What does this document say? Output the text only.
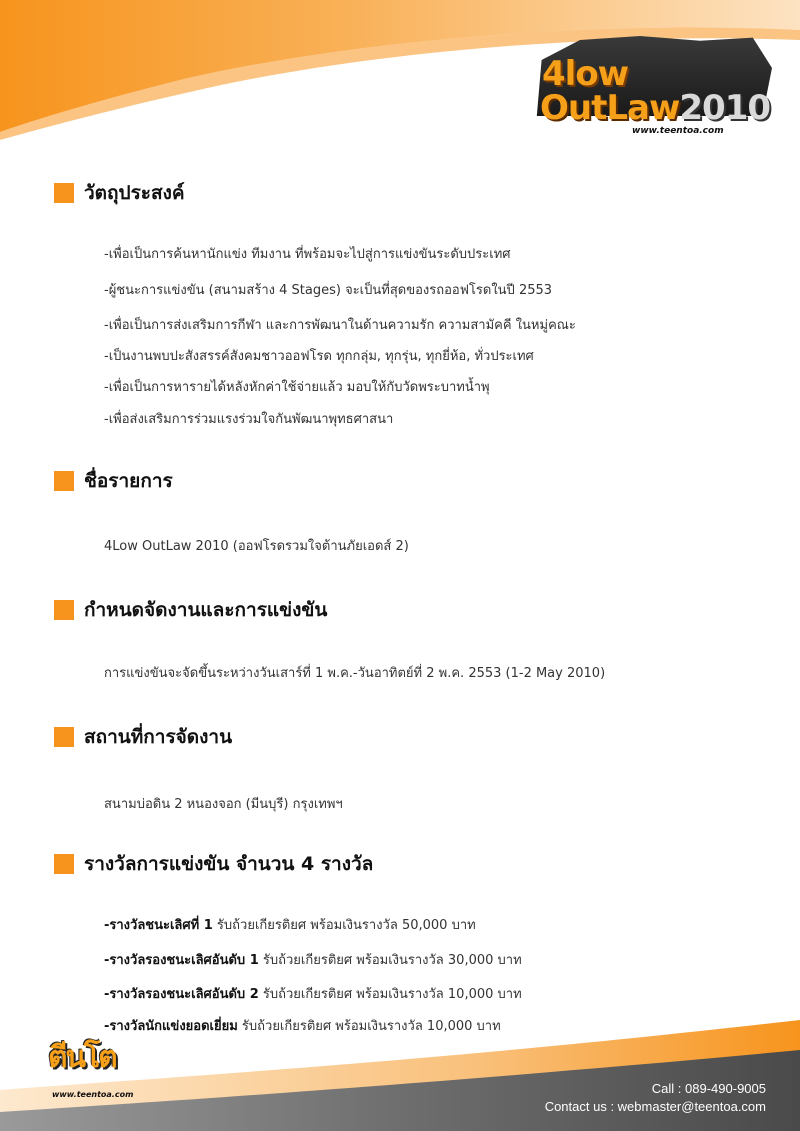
4low
OutLaw2010
www.teentoa.com
วัตถุประสงค์
-เพื่อเป็นการค้นหานักแข่ง ทีมงาน ที่พร้อมจะไปสู่การแข่งขันระดับประเทศ
-ผู้ชนะการแข่งขัน (สนามสร้าง 4 Stages) จะเป็นที่สุดของรถออฟโรดในปี 2553
-เพื่อเป็นการส่งเสริมการกีฬา และการพัฒนาในด้านความรัก ความสามัคคี ในหมู่คณะ
-เป็นงานพบปะสังสรรค์สังคมชาวออฟโรด ทุกกลุ่ม, ทุกรุ่น, ทุกยี่ห้อ, ทั่วประเทศ
-เพื่อเป็นการหารายได้หลังหักค่าใช้จ่ายแล้ว มอบให้กับวัดพระบาทน้ำพุ
-เพื่อส่งเสริมการร่วมแรงร่วมใจกันพัฒนาพุทธศาสนา
ชื่อรายการ
4Low OutLaw 2010 (ออฟโรดรวมใจต้านภัยเอดส์ 2)
กำหนดจัดงานและการแข่งขัน
การแข่งขันจะจัดขึ้นระหว่างวันเสาร์ที่ 1 พ.ค.-วันอาทิตย์ที่ 2 พ.ค. 2553 (1-2 May 2010)
สถานที่การจัดงาน
สนามบ่อดิน 2 หนองจอก (มีนบุรี) กรุงเทพฯ
รางวัลการแข่งขัน จำนวน 4 รางวัล
-รางวัลชนะเลิศที่ 1 รับถ้วยเกียรติยศ พร้อมเงินรางวัล 50,000 บาท
-รางวัลรองชนะเลิศอันดับ 1 รับถ้วยเกียรติยศ พร้อมเงินรางวัล 30,000 บาท
-รางวัลรองชนะเลิศอันดับ 2 รับถ้วยเกียรติยศ พร้อมเงินรางวัล 10,000 บาท
-รางวัลนักแข่งยอดเยี่ยม รับถ้วยเกียรติยศ พร้อมเงินรางวัล 10,000 บาท
ตีนโต
www.teentoa.com	Call : 089-490-9005
Contact us : webmaster@teentoa.com
